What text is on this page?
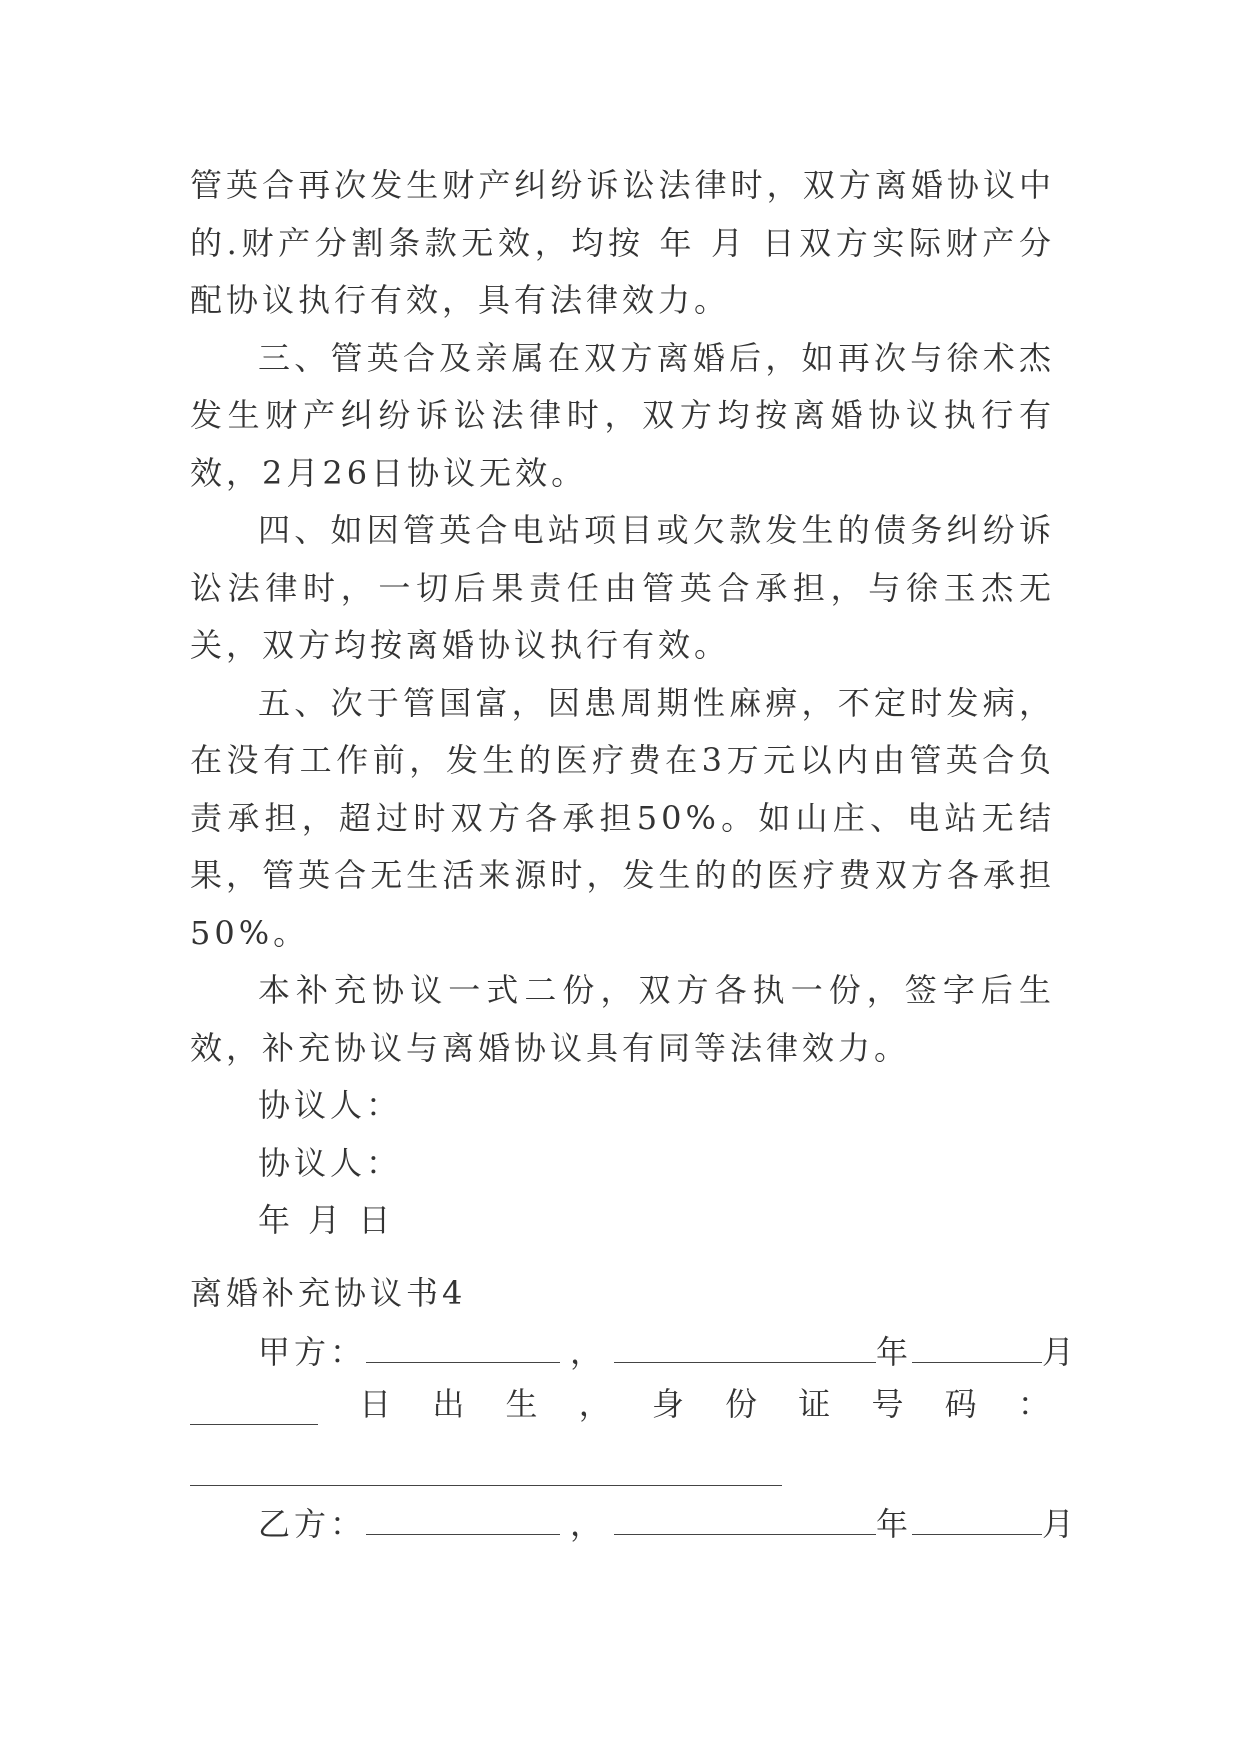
管英合再次发生财产纠纷诉讼法律时，双方离婚协议中的.财产分割条款无效，均按 年 月 日双方实际财产分配协议执行有效，具有法律效力。

三、管英合及亲属在双方离婚后，如再次与徐术杰发生财产纠纷诉讼法律时，双方均按离婚协议执行有效，2月26日协议无效。

四、如因管英合电站项目或欠款发生的债务纠纷诉讼法律时，一切后果责任由管英合承担，与徐玉杰无关，双方均按离婚协议执行有效。

五、次于管国富，因患周期性麻痹，不定时发病，在没有工作前，发生的医疗费在3万元以内由管英合负责承担，超过时双方各承担50%。如山庄、电站无结果，管英合无生活来源时，发生的的医疗费双方各承担50%。

本补充协议一式二份，双方各执一份，签字后生效，补充协议与离婚协议具有同等法律效力。

协议人：

协议人：

年 月 日

离婚补充协议书4
甲方：	，	年	月
日 出 生 ， 身 份 证 号 码 ：
乙方：	，	年	月
